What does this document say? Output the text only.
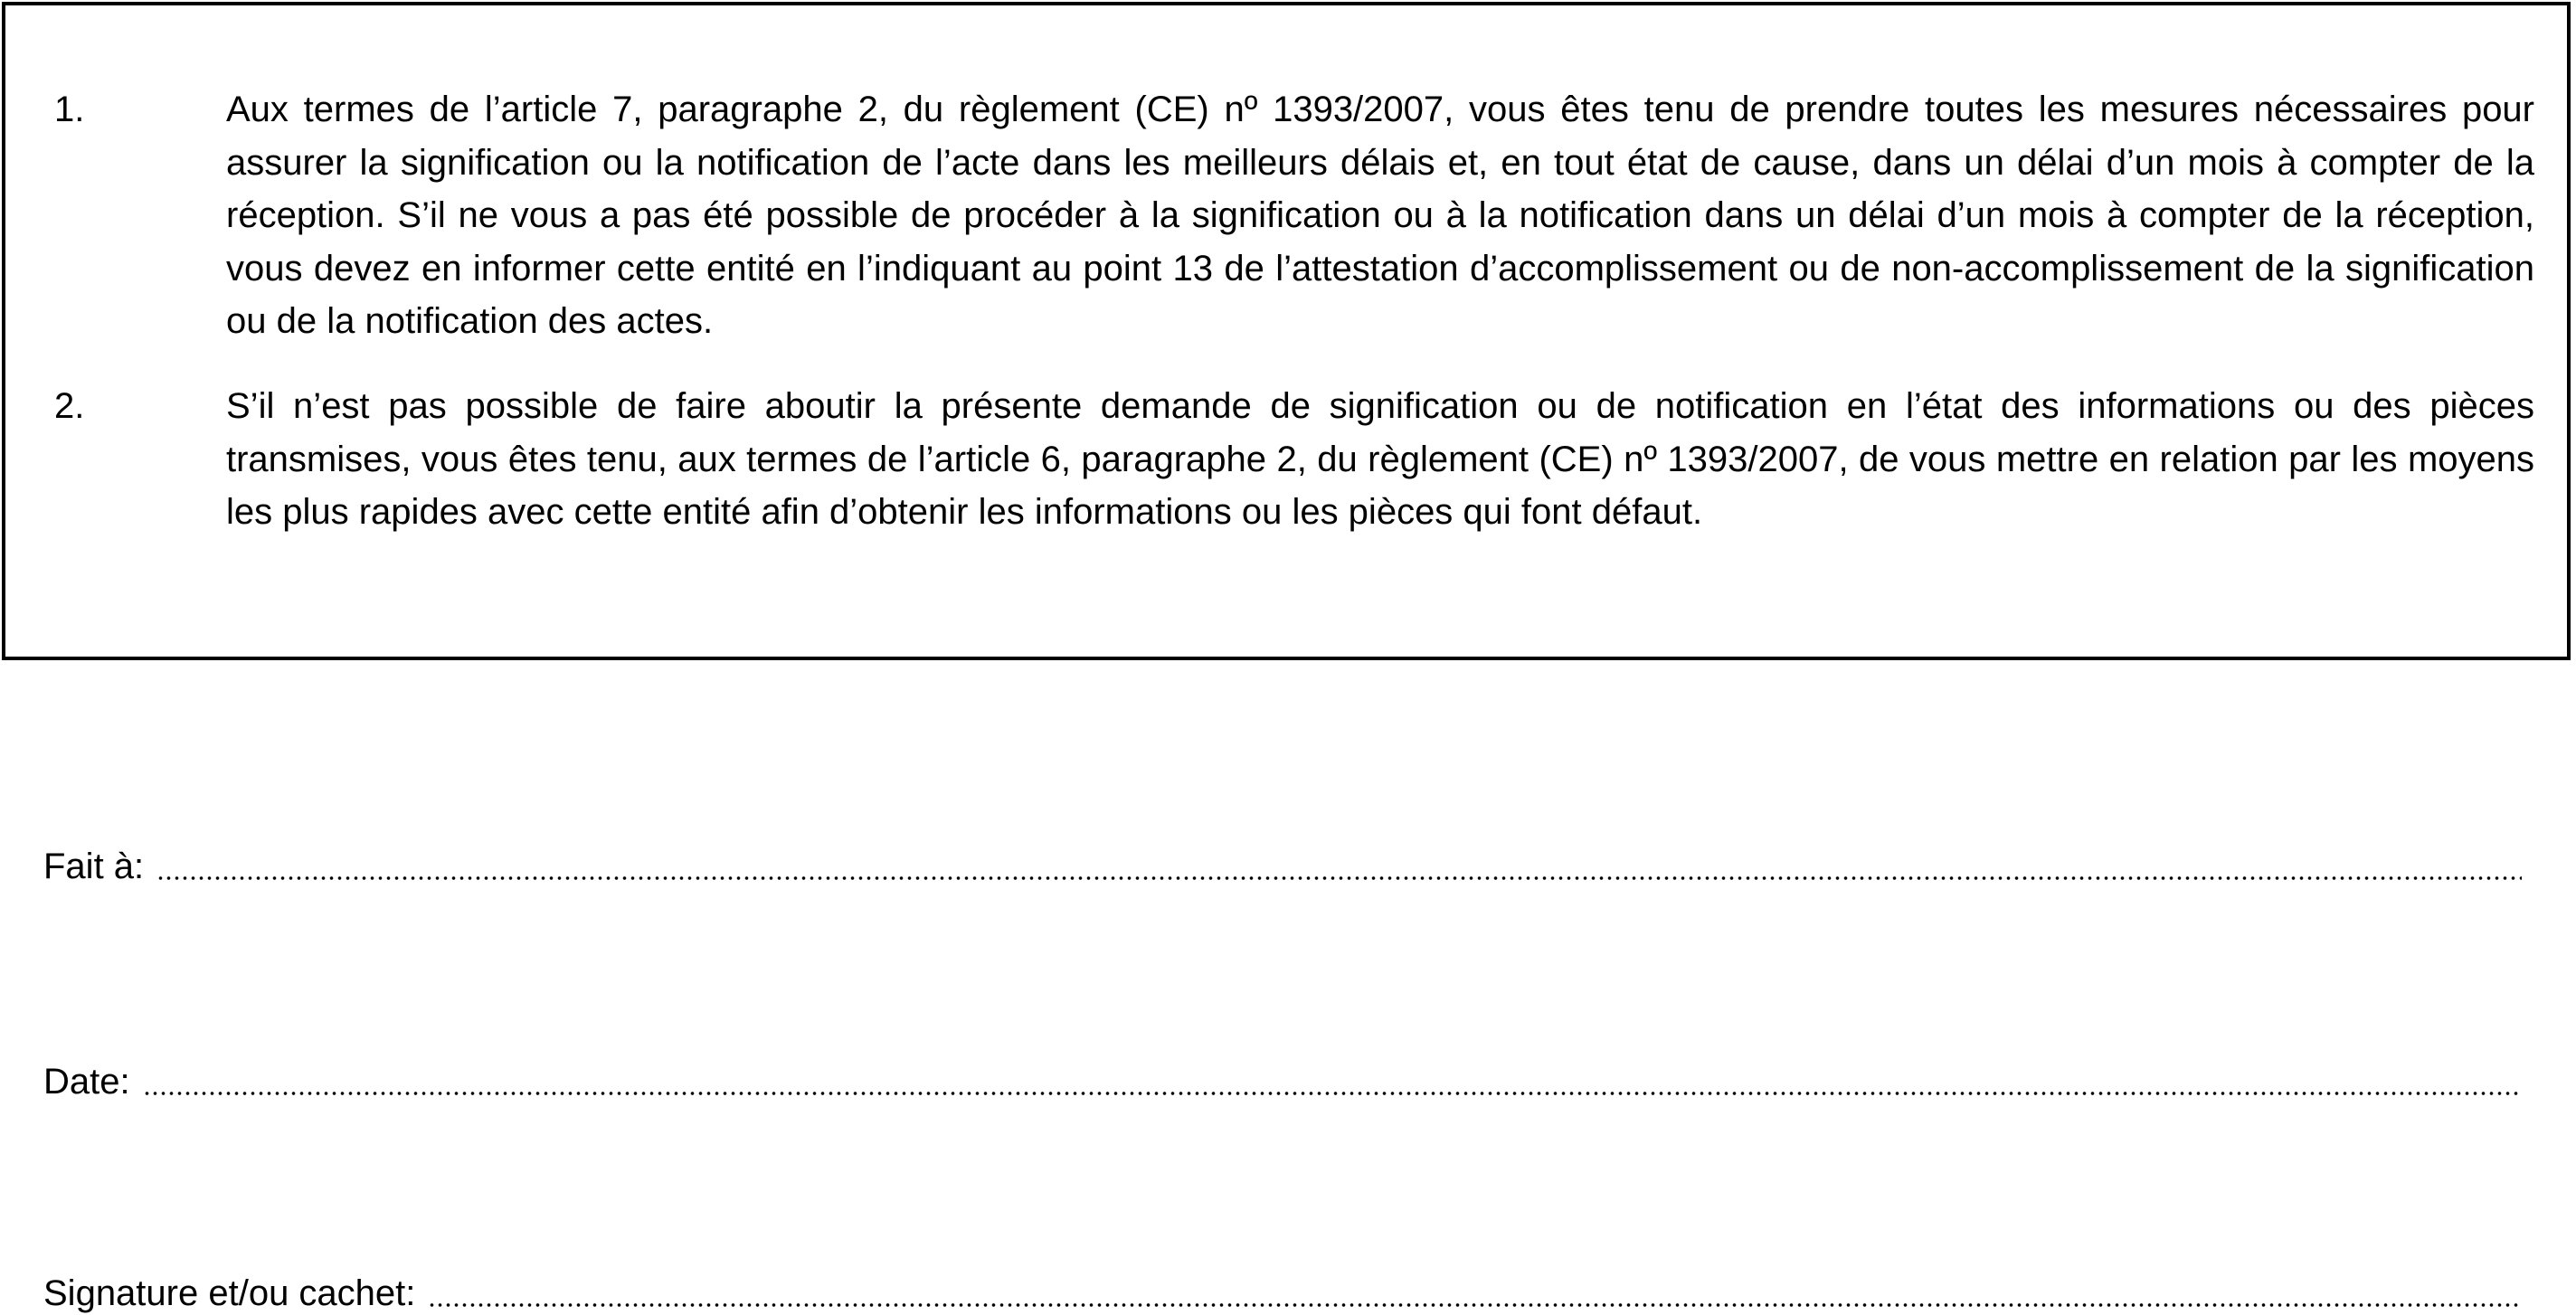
1.	Aux termes de l’article 7, paragraphe 2, du règlement (CE) nº 1393/2007, vous êtes tenu de prendre toutes les mesures nécessaires pour assurer la signification ou la notification de l’acte dans les meilleurs délais et, en tout état de cause, dans un délai d’un mois à compter de la réception. S’il ne vous a pas été possible de procéder à la signification ou à la notification dans un délai d’un mois à compter de la réception, vous devez en informer cette entité en l’indiquant au point 13 de l’attestation d’accomplissement ou de non-accomplissement de la signification ou de la notification des actes.

2.	S’il n’est pas possible de faire aboutir la présente demande de signification ou de notification en l’état des informations ou des pièces transmises, vous êtes tenu, aux termes de l’article 6, paragraphe 2, du règlement (CE) nº 1393/2007, de vous mettre en relation par les moyens les plus rapides avec cette entité afin d’obtenir les informations ou les pièces qui font défaut.

Fait à:
Date:
Signature et/ou cachet:
